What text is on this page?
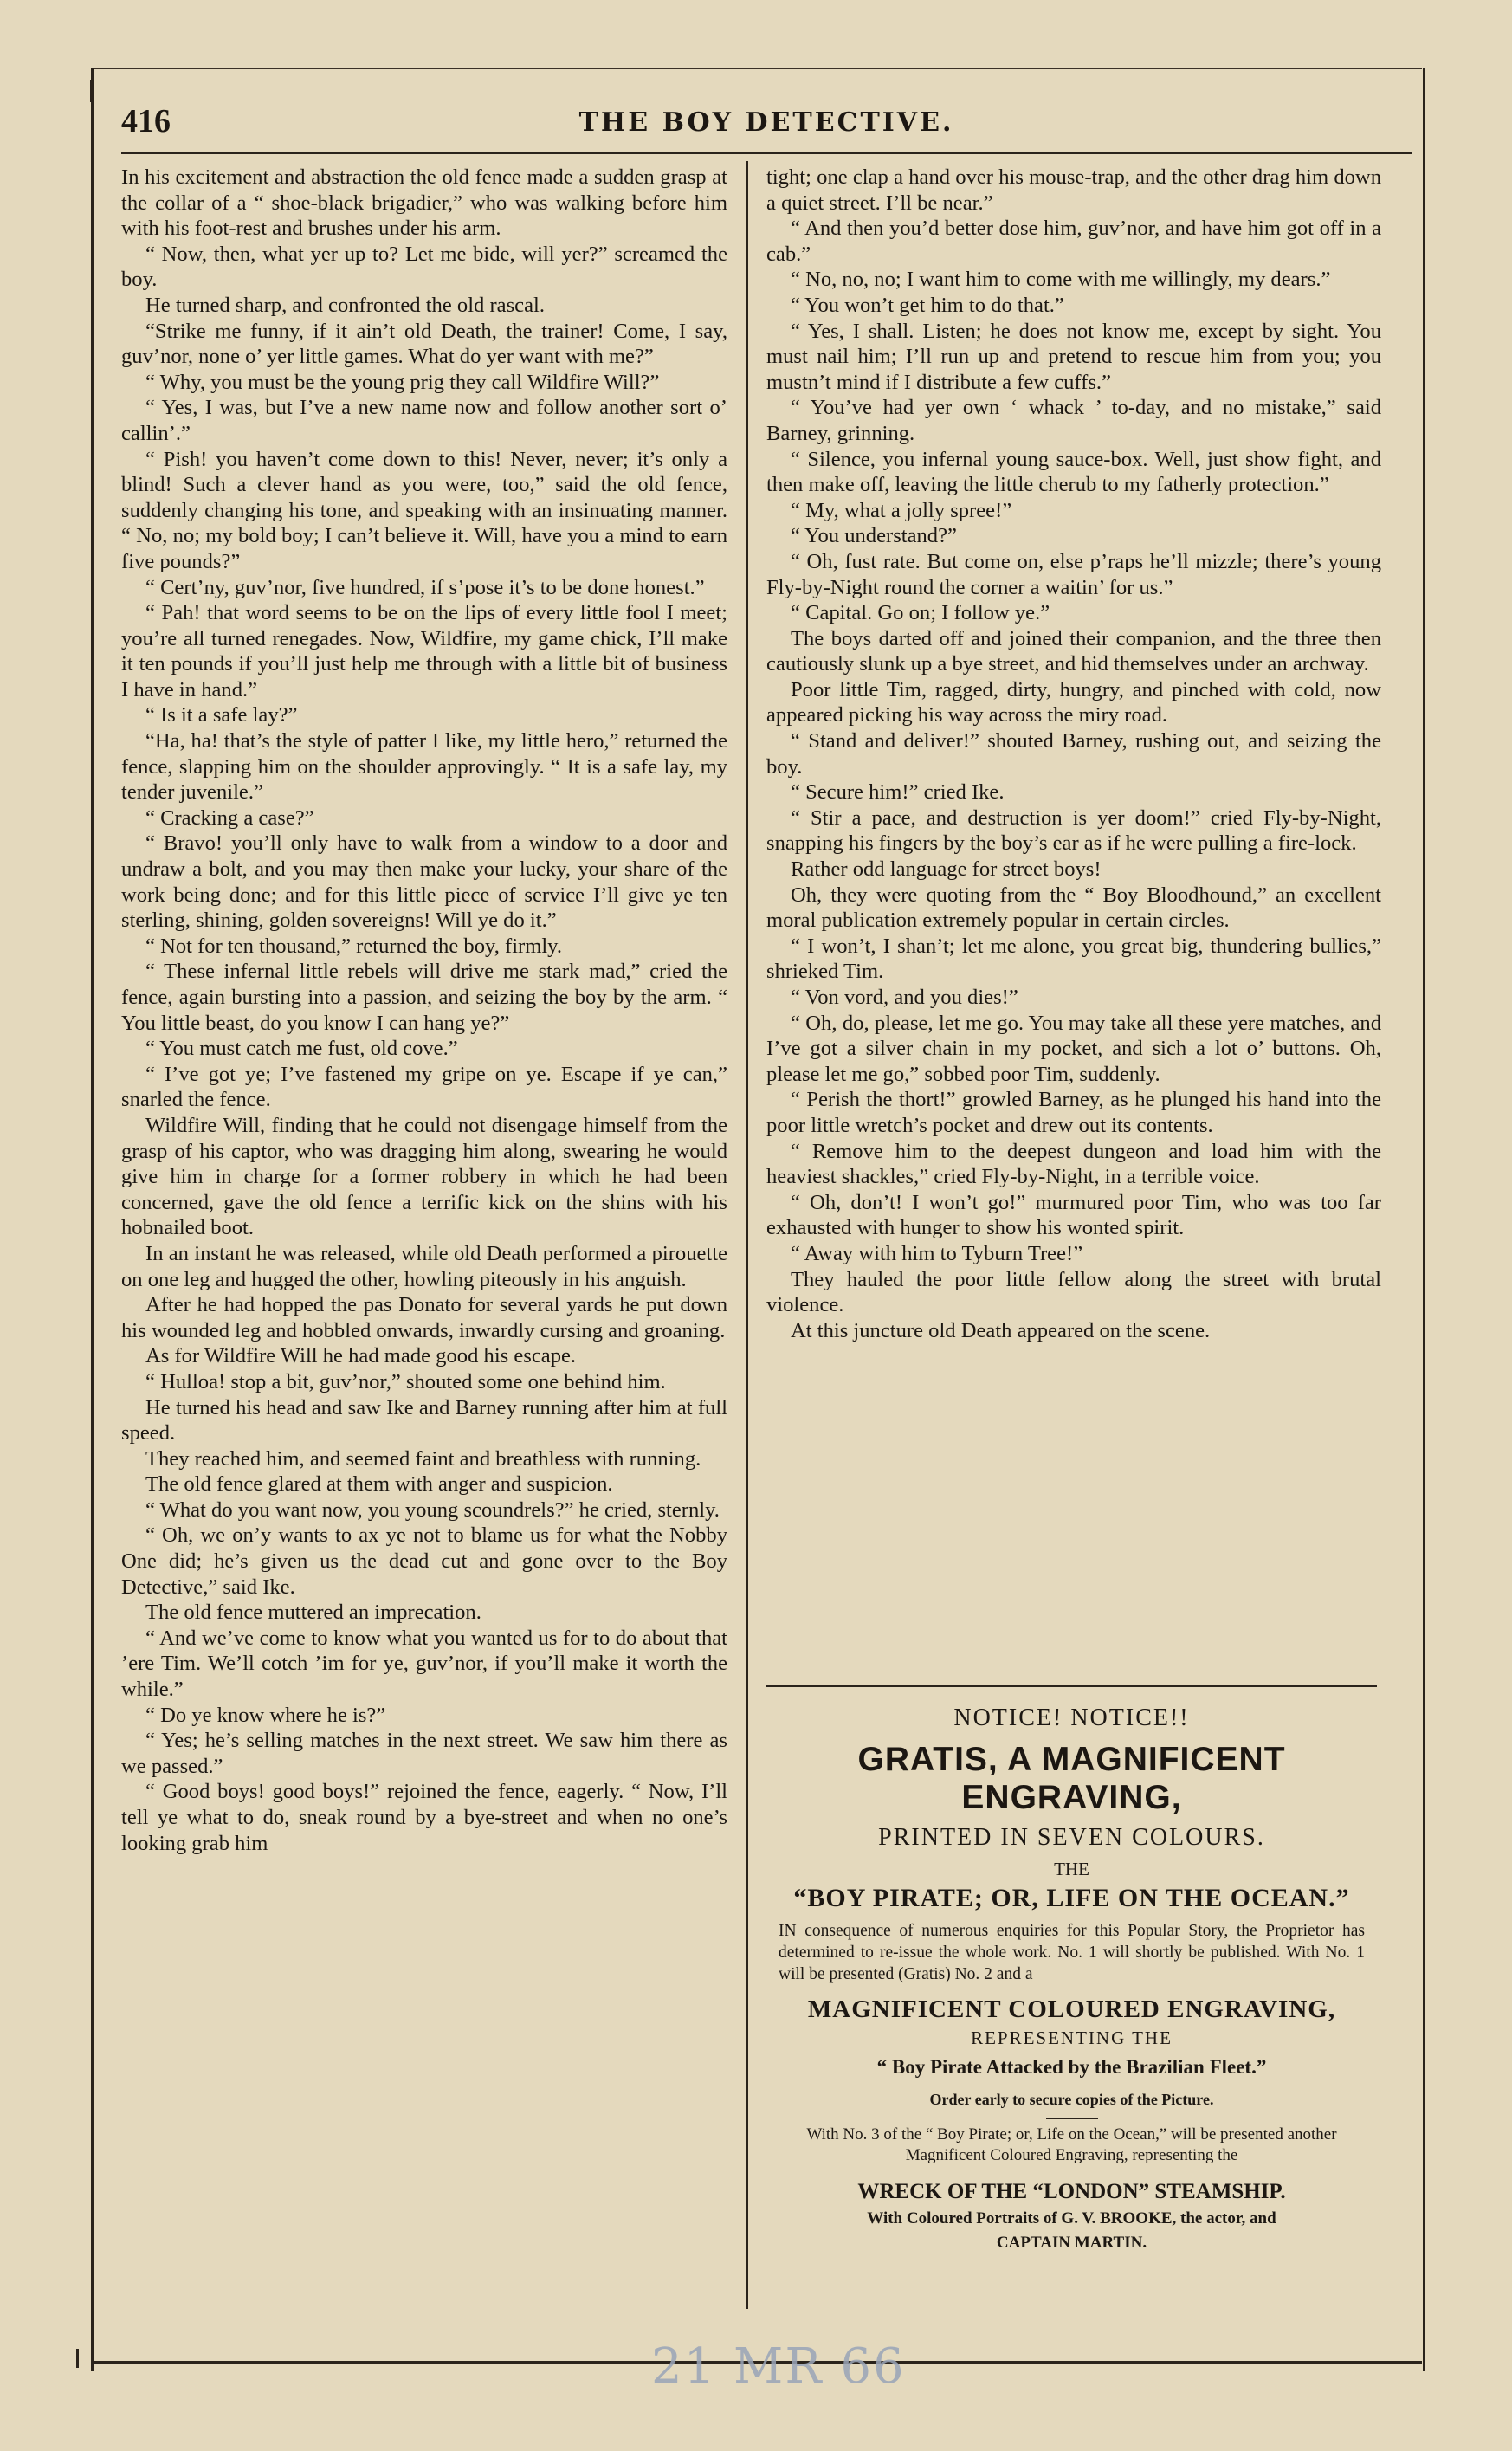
416	THE BOY DETECTIVE.

In his excitement and abstraction the old fence made a sudden grasp at the collar of a “ shoe-black brigadier,” who was walking before him with his foot-rest and brushes under his arm.

“ Now, then, what yer up to? Let me bide, will yer?” screamed the boy.

He turned sharp, and confronted the old rascal.

“Strike me funny, if it ain’t old Death, the trainer! Come, I say, guv’nor, none o’ yer little games. What do yer want with me?”

“ Why, you must be the young prig they call Wildfire Will?”

“ Yes, I was, but I’ve a new name now and follow another sort o’ callin’.”

“ Pish! you haven’t come down to this! Never, never; it’s only a blind! Such a clever hand as you were, too,” said the old fence, suddenly changing his tone, and speaking with an insinuating manner. “ No, no; my bold boy; I can’t believe it. Will, have you a mind to earn five pounds?”

“ Cert’ny, guv’nor, five hundred, if s’pose it’s to be done honest.”

“ Pah! that word seems to be on the lips of every little fool I meet; you’re all turned renegades. Now, Wildfire, my game chick, I’ll make it ten pounds if you’ll just help me through with a little bit of business I have in hand.”

“ Is it a safe lay?”

“Ha, ha! that’s the style of patter I like, my little hero,” returned the fence, slapping him on the shoulder approvingly. “ It is a safe lay, my tender juvenile.”

“ Cracking a case?”

“ Bravo! you’ll only have to walk from a window to a door and undraw a bolt, and you may then make your lucky, your share of the work being done; and for this little piece of service I’ll give ye ten sterling, shining, golden sovereigns! Will ye do it.”

“ Not for ten thousand,” returned the boy, firmly.

“ These infernal little rebels will drive me stark mad,” cried the fence, again bursting into a passion, and seizing the boy by the arm. “ You little beast, do you know I can hang ye?”

“ You must catch me fust, old cove.”

“ I’ve got ye; I’ve fastened my gripe on ye. Escape if ye can,” snarled the fence.

Wildfire Will, finding that he could not disengage himself from the grasp of his captor, who was dragging him along, swearing he would give him in charge for a former robbery in which he had been concerned, gave the old fence a terrific kick on the shins with his hobnailed boot.

In an instant he was released, while old Death performed a pirouette on one leg and hugged the other, howling piteously in his anguish.

After he had hopped the pas Donato for several yards he put down his wounded leg and hobbled onwards, inwardly cursing and groaning.

As for Wildfire Will he had made good his escape.

“ Hulloa! stop a bit, guv’nor,” shouted some one behind him.

He turned his head and saw Ike and Barney running after him at full speed.

They reached him, and seemed faint and breathless with running.

The old fence glared at them with anger and suspicion.

“ What do you want now, you young scoundrels?” he cried, sternly.

“ Oh, we on’y wants to ax ye not to blame us for what the Nobby One did; he’s given us the dead cut and gone over to the Boy Detective,” said Ike.

The old fence muttered an imprecation.

“ And we’ve come to know what you wanted us for to do about that ’ere Tim. We’ll cotch ’im for ye, guv’nor, if you’ll make it worth the while.”

“ Do ye know where he is?”

“ Yes; he’s selling matches in the next street. We saw him there as we passed.”

“ Good boys! good boys!” rejoined the fence, eagerly. “ Now, I’ll tell ye what to do, sneak round by a bye-street and when no one’s looking grab him

tight; one clap a hand over his mouse-trap, and the other drag him down a quiet street. I’ll be near.”

“ And then you’d better dose him, guv’nor, and have him got off in a cab.”

“ No, no, no; I want him to come with me willingly, my dears.”

“ You won’t get him to do that.”

“ Yes, I shall. Listen; he does not know me, except by sight. You must nail him; I’ll run up and pretend to rescue him from you; you mustn’t mind if I distribute a few cuffs.”

“ You’ve had yer own ‘ whack ’ to-day, and no mistake,” said Barney, grinning.

“ Silence, you infernal young sauce-box. Well, just show fight, and then make off, leaving the little cherub to my fatherly protection.”

“ My, what a jolly spree!”

“ You understand?”

“ Oh, fust rate. But come on, else p’raps he’ll mizzle; there’s young Fly-by-Night round the corner a waitin’ for us.”

“ Capital. Go on; I follow ye.”

The boys darted off and joined their companion, and the three then cautiously slunk up a bye street, and hid themselves under an archway.

Poor little Tim, ragged, dirty, hungry, and pinched with cold, now appeared picking his way across the miry road.

“ Stand and deliver!” shouted Barney, rushing out, and seizing the boy.

“ Secure him!” cried Ike.

“ Stir a pace, and destruction is yer doom!” cried Fly-by-Night, snapping his fingers by the boy’s ear as if he were pulling a fire-lock.

Rather odd language for street boys!

Oh, they were quoting from the “ Boy Bloodhound,” an excellent moral publication extremely popular in certain circles.

“ I won’t, I shan’t; let me alone, you great big, thundering bullies,” shrieked Tim.

“ Von vord, and you dies!”

“ Oh, do, please, let me go. You may take all these yere matches, and I’ve got a silver chain in my pocket, and sich a lot o’ buttons. Oh, please let me go,” sobbed poor Tim, suddenly.

“ Perish the thort!” growled Barney, as he plunged his hand into the poor little wretch’s pocket and drew out its contents.

“ Remove him to the deepest dungeon and load him with the heaviest shackles,” cried Fly-by-Night, in a terrible voice.

“ Oh, don’t! I won’t go!” murmured poor Tim, who was too far exhausted with hunger to show his wonted spirit.

“ Away with him to Tyburn Tree!”

They hauled the poor little fellow along the street with brutal violence.

At this juncture old Death appeared on the scene.

NOTICE! NOTICE!!
GRATIS, A MAGNIFICENT ENGRAVING,
PRINTED IN SEVEN COLOURS.
THE
“BOY PIRATE; OR, LIFE ON THE OCEAN.”
IN consequence of numerous enquiries for this Popular Story, the Proprietor has determined to re-issue the whole work. No. 1 will shortly be published. With No. 1 will be presented (Gratis) No. 2 and a
MAGNIFICENT COLOURED ENGRAVING,
REPRESENTING THE
“ Boy Pirate Attacked by the Brazilian Fleet.”
Order early to secure copies of the Picture.
With No. 3 of the “ Boy Pirate; or, Life on the Ocean,” will be presented another Magnificent Coloured Engraving, representing the
WRECK OF THE “LONDON” STEAMSHIP.
With Coloured Portraits of G. V. BROOKE, the actor, and
CAPTAIN MARTIN.
21 MR 66
